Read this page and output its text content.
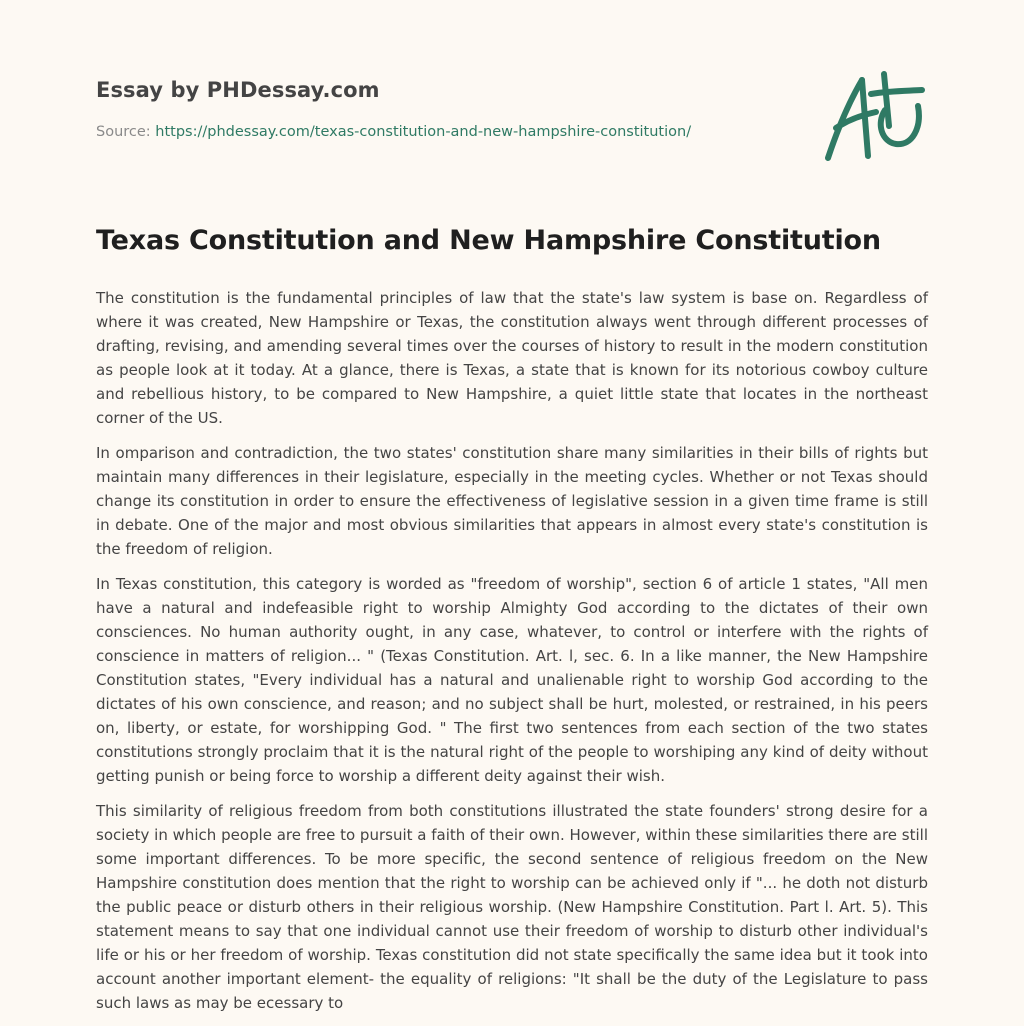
Essay by PHDessay.com
Source: https://phdessay.com/texas-constitution-and-new-hampshire-constitution/
Texas Constitution and New Hampshire Constitution

The constitution is the fundamental principles of law that the state's law system is base on. Regardless of where it was created, New Hampshire or Texas, the constitution always went through different processes of drafting, revising, and amending several times over the courses of history to result in the modern constitution as people look at it today. At a glance, there is Texas, a state that is known for its notorious cowboy culture and rebellious history, to be compared to New Hampshire, a quiet little state that locates in the northeast corner of the US.

In omparison and contradiction, the two states' constitution share many similarities in their bills of rights but maintain many differences in their legislature, especially in the meeting cycles. Whether or not Texas should change its constitution in order to ensure the effectiveness of legislative session in a given time frame is still in debate. One of the major and most obvious similarities that appears in almost every state's constitution is the freedom of religion.

In Texas constitution, this category is worded as "freedom of worship", section 6 of article 1 states, "All men have a natural and indefeasible right to worship Almighty God according to the dictates of their own consciences. No human authority ought, in any case, whatever, to control or interfere with the rights of conscience in matters of religion... " (Texas Constitution. Art. l, sec. 6. In a like manner, the New Hampshire Constitution states, "Every individual has a natural and unalienable right to worship God according to the dictates of his own conscience, and reason; and no subject shall be hurt, molested, or restrained, in his peers on, liberty, or estate, for worshipping God. " The first two sentences from each section of the two states constitutions strongly proclaim that it is the natural right of the people to worshiping any kind of deity without getting punish or being force to worship a different deity against their wish.

This similarity of religious freedom from both constitutions illustrated the state founders' strong desire for a society in which people are free to pursuit a faith of their own. However, within these similarities there are still some important differences. To be more specific, the second sentence of religious freedom on the New Hampshire constitution does mention that the right to worship can be achieved only if "... he doth not disturb the public peace or disturb others in their religious worship. (New Hampshire Constitution. Part l. Art. 5). This statement means to say that one individual cannot use their freedom of worship to disturb other individual's life or his or her freedom of worship. Texas constitution did not state specifically the same idea but it took into account another important element- the equality of religions: "It shall be the duty of the Legislature to pass such laws as may be ecessary to
